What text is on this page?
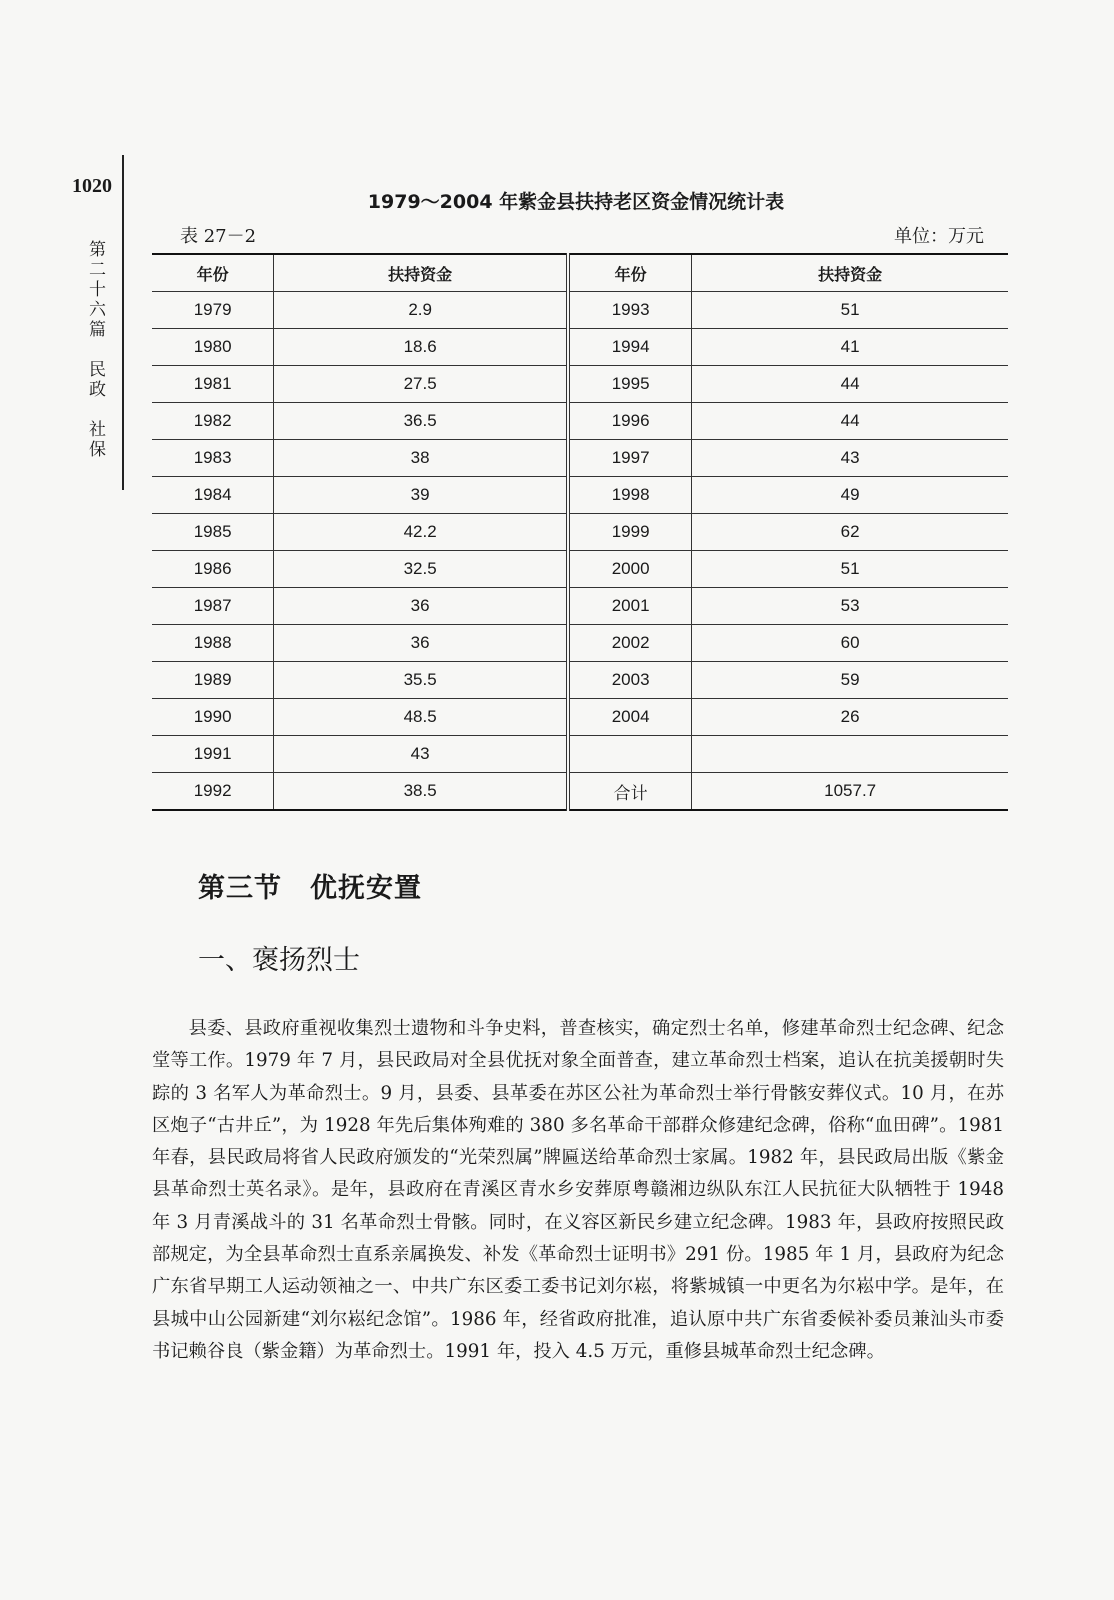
1020
第二十六篇　民政　社保
1979～2004 年紫金县扶持老区资金情况统计表
表 27－2	单位：万元
年份	扶持资金	年份	扶持资金
1979	2.9	1993	51
1980	18.6	1994	41
1981	27.5	1995	44
1982	36.5	1996	44
1983	38	1997	43
1984	39	1998	49
1985	42.2	1999	62
1986	32.5	2000	51
1987	36	2001	53
1988	36	2002	60
1989	35.5	2003	59
1990	48.5	2004	26
1991	43		
1992	38.5	合计	1057.7
第三节　优抚安置
一、褒扬烈士

县委、县政府重视收集烈士遗物和斗争史料，普查核实，确定烈士名单，修建革命烈士纪念碑、纪念堂等工作。1979 年 7 月，县民政局对全县优抚对象全面普查，建立革命烈士档案，追认在抗美援朝时失踪的 3 名军人为革命烈士。9 月，县委、县革委在苏区公社为革命烈士举行骨骸安葬仪式。10 月，在苏区炮子“古井丘”，为 1928 年先后集体殉难的 380 多名革命干部群众修建纪念碑，俗称“血田碑”。1981 年春，县民政局将省人民政府颁发的“光荣烈属”牌匾送给革命烈士家属。1982 年，县民政局出版《紫金县革命烈士英名录》。是年，县政府在青溪区青水乡安葬原粤赣湘边纵队东江人民抗征大队牺牲于 1948 年 3 月青溪战斗的 31 名革命烈士骨骸。同时，在义容区新民乡建立纪念碑。1983 年，县政府按照民政部规定，为全县革命烈士直系亲属换发、补发《革命烈士证明书》291 份。1985 年 1 月，县政府为纪念广东省早期工人运动领袖之一、中共广东区委工委书记刘尔崧，将紫城镇一中更名为尔崧中学。是年，在县城中山公园新建“刘尔崧纪念馆”。1986 年，经省政府批准，追认原中共广东省委候补委员兼汕头市委书记赖谷良（紫金籍）为革命烈士。1991 年，投入 4.5 万元，重修县城革命烈士纪念碑。
